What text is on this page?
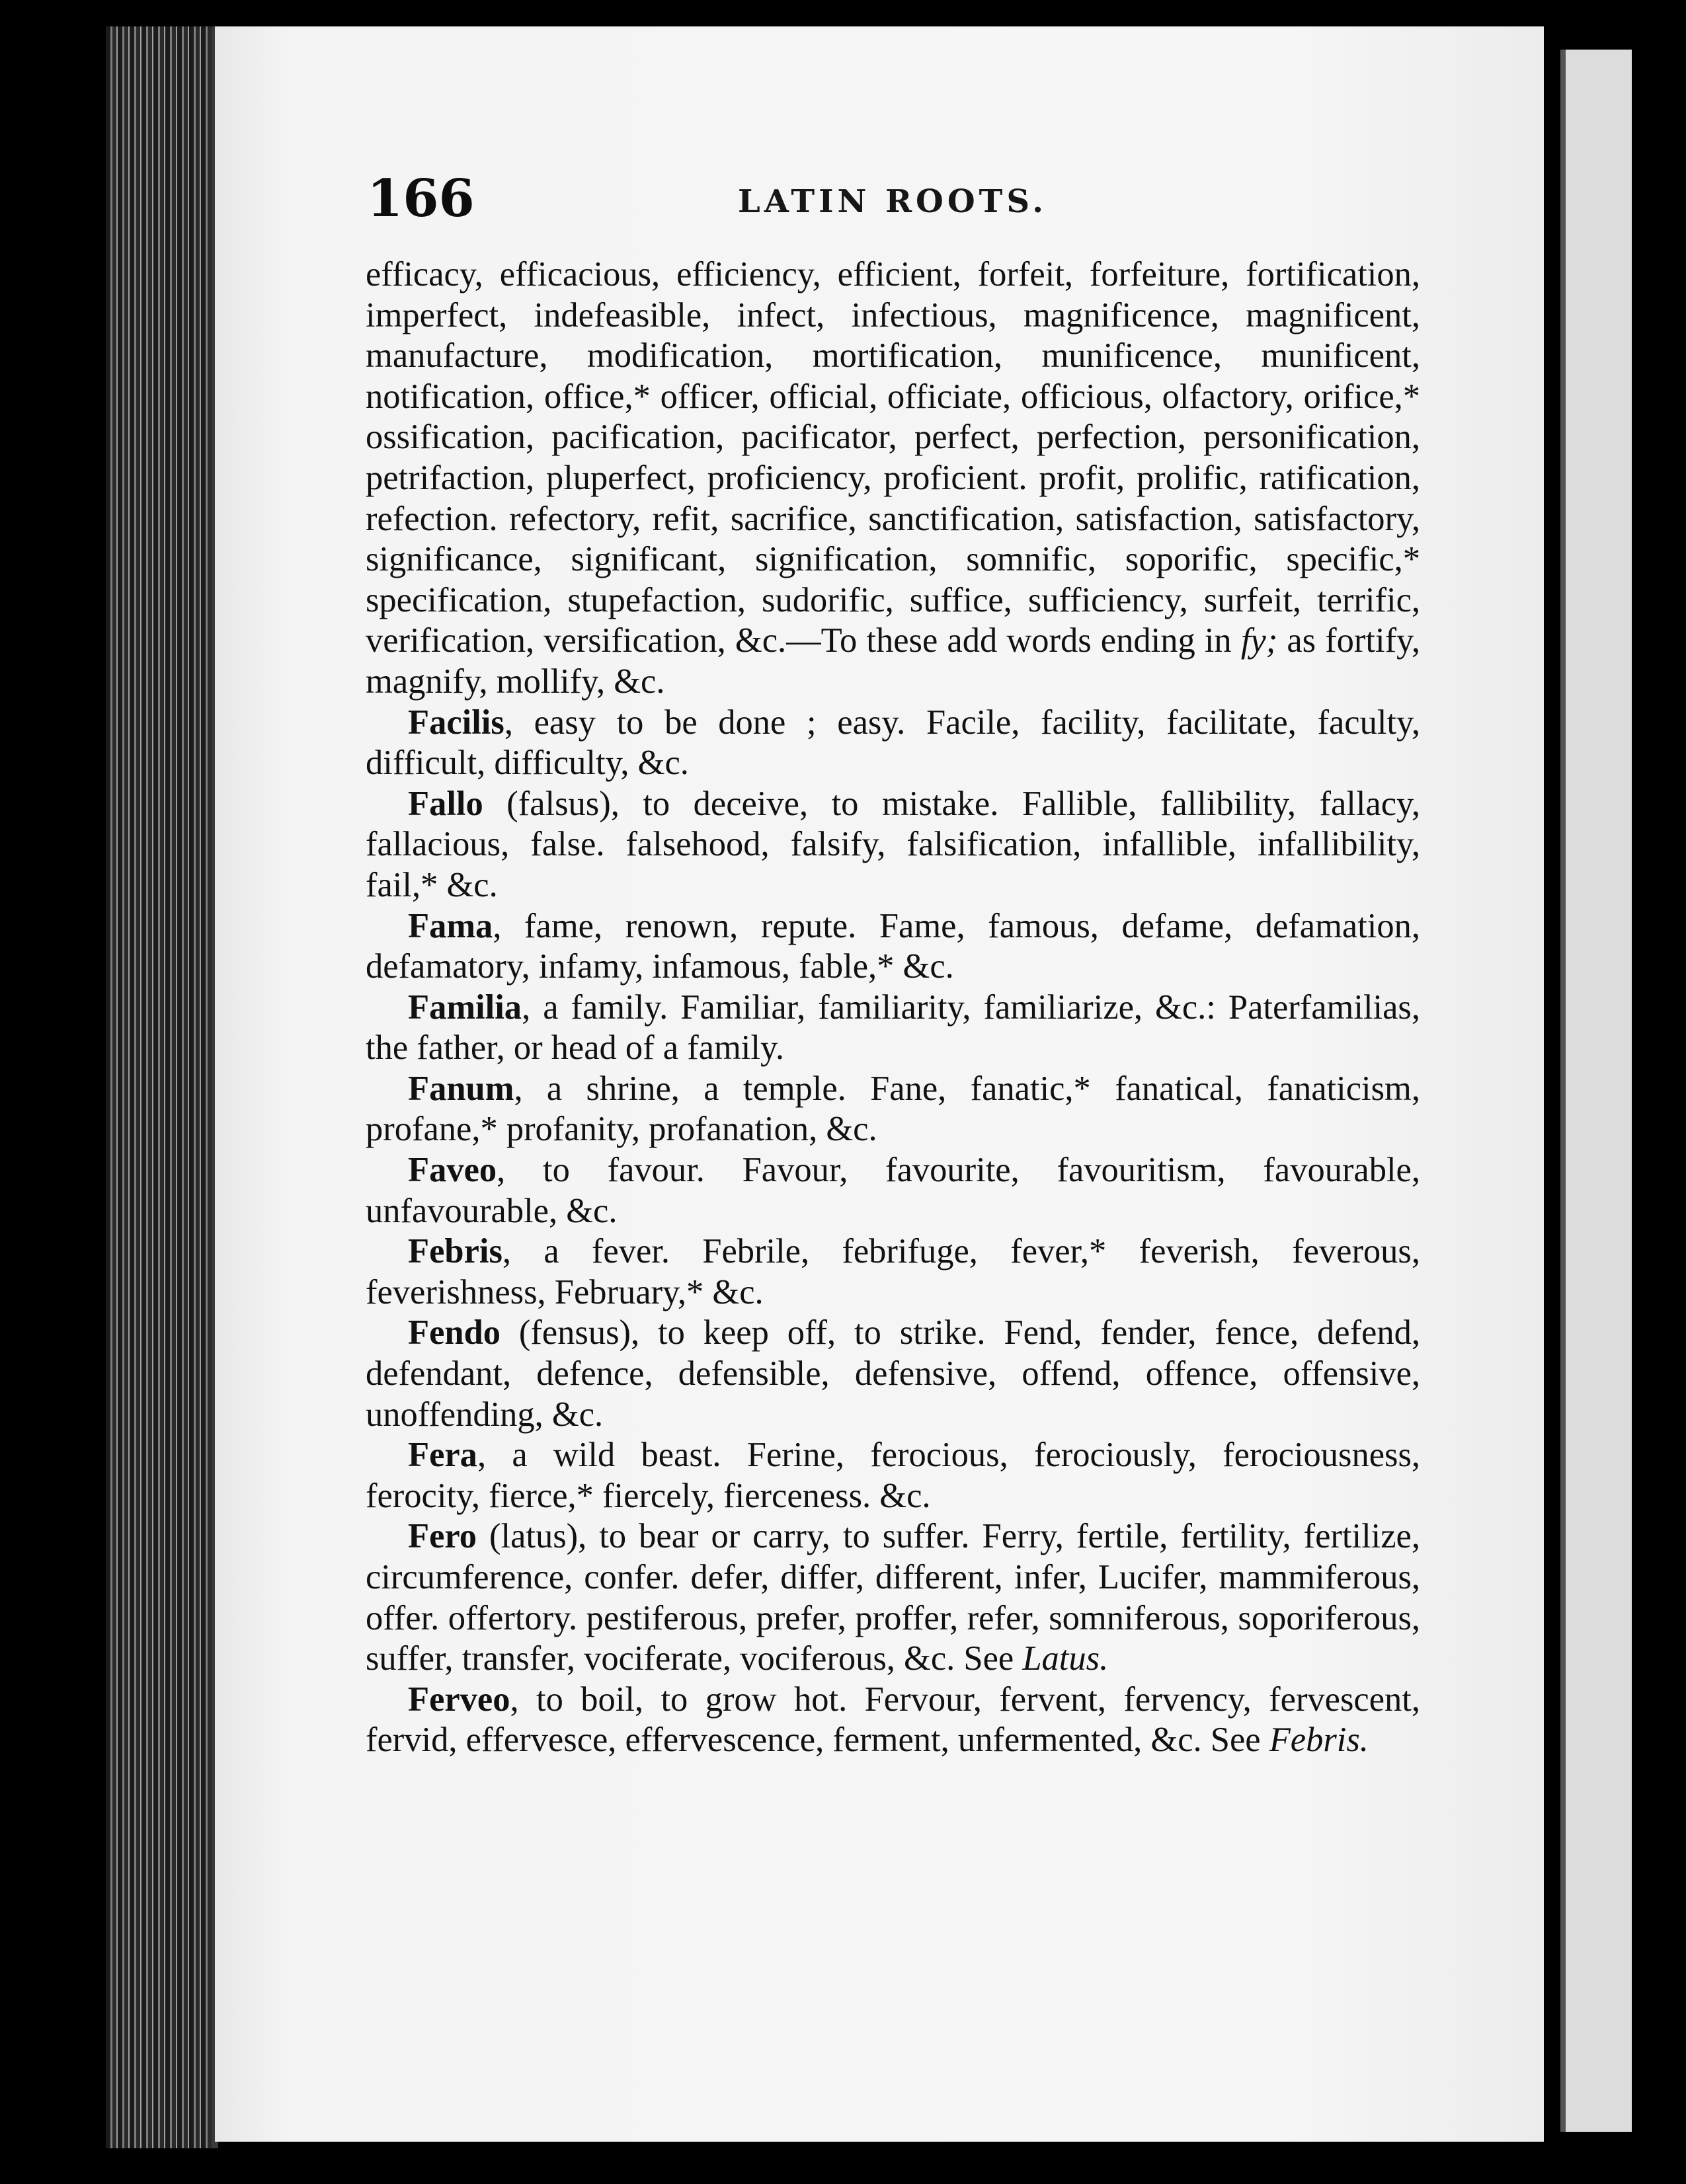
166	LATIN ROOTS.

efficacy, efficacious, efficiency, efficient, forfeit, forfeiture, fortification, imperfect, indefeasible, infect, infectious, magnificence, magnificent, manufacture, modification, mortification, munificence, munificent, notification, office,* officer, official, officiate, officious, olfactory, orifice,* ossification, pacification, pacificator, perfect, perfection, personification, petrifaction, pluperfect, proficiency, proficient. profit, prolific, ratification, refection. refectory, refit, sacrifice, sanctification, satisfaction, satisfactory, significance, significant, signification, somnific, soporific, specific,* specification, stupefaction, sudorific, suffice, sufficiency, surfeit, terrific, verification, versification, &c.—To these add words ending in fy; as fortify, magnify, mollify, &c.

Facilis, easy to be done ; easy. Facile, facility, facilitate, faculty, difficult, difficulty, &c.

Fallo (falsus), to deceive, to mistake. Fallible, fallibility, fallacy, fallacious, false. falsehood, falsify, falsification, infallible, infallibility, fail,* &c.

Fama, fame, renown, repute. Fame, famous, defame, defamation, defamatory, infamy, infamous, fable,* &c.

Familia, a family. Familiar, familiarity, familiarize, &c.: Paterfamilias, the father, or head of a family.

Fanum, a shrine, a temple. Fane, fanatic,* fanatical, fanaticism, profane,* profanity, profanation, &c.

Faveo, to favour. Favour, favourite, favouritism, favourable, unfavourable, &c.

Febris, a fever. Febrile, febrifuge, fever,* feverish, feverous, feverishness, February,* &c.

Fendo (fensus), to keep off, to strike. Fend, fender, fence, defend, defendant, defence, defensible, defensive, offend, offence, offensive, unoffending, &c.

Fera, a wild beast. Ferine, ferocious, ferociously, ferociousness, ferocity, fierce,* fiercely, fierceness. &c.

Fero (latus), to bear or carry, to suffer. Ferry, fertile, fertility, fertilize, circumference, confer. defer, differ, different, infer, Lucifer, mammiferous, offer. offertory. pestiferous, prefer, proffer, refer, somniferous, soporiferous, suffer, transfer, vociferate, vociferous, &c. See Latus.

Ferveo, to boil, to grow hot. Fervour, fervent, fervency, fervescent, fervid, effervesce, effervescence, ferment, unfermented, &c. See Febris.
